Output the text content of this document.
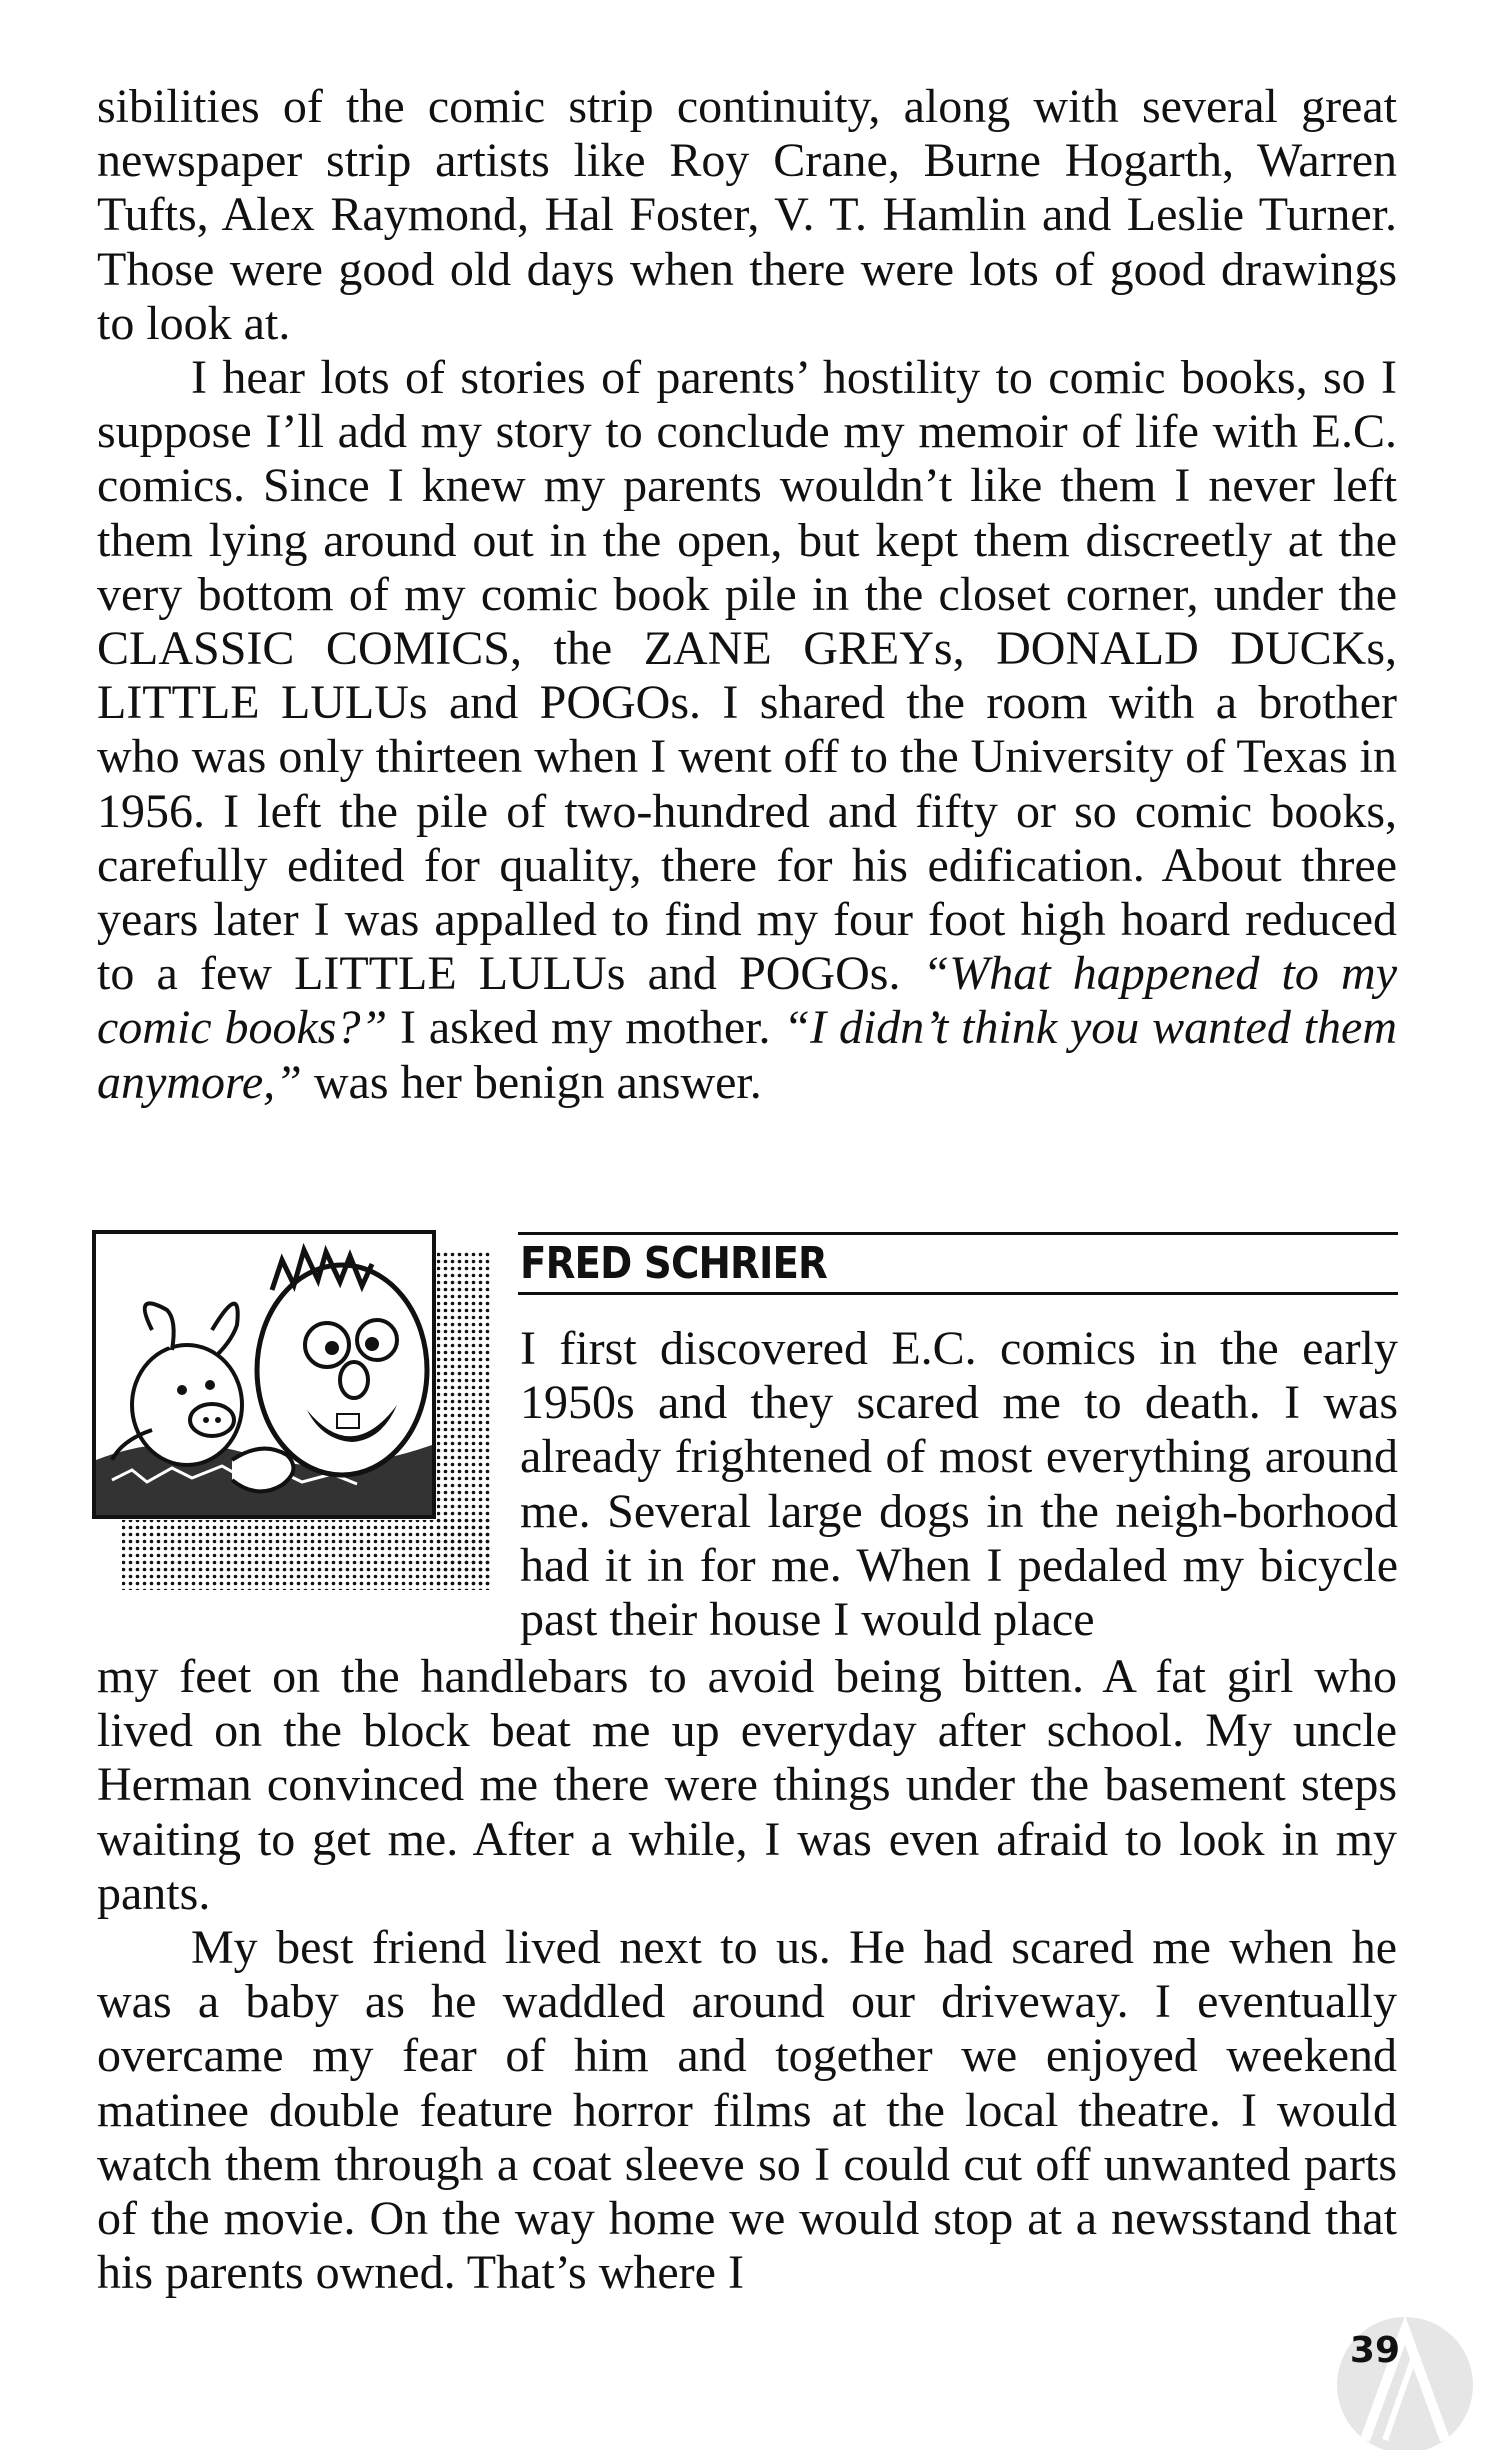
sibilities of the comic strip continuity, along with several great newspaper strip artists like Roy Crane, Burne Hogarth, Warren Tufts, Alex Raymond, Hal Foster, V. T. Hamlin and Leslie Turner. Those were good old days when there were lots of good drawings to look at.

I hear lots of stories of parents’ hostility to comic books, so I suppose I’ll add my story to conclude my memoir of life with E.C. comics. Since I knew my parents wouldn’t like them I never left them lying around out in the open, but kept them discreetly at the very bottom of my comic book pile in the closet corner, under the CLASSIC COMICS, the ZANE GREYs, DONALD DUCKs, LITTLE LULUs and POGOs. I shared the room with a brother who was only thirteen when I went off to the University of Texas in 1956. I left the pile of two-hundred and fifty or so comic books, carefully edited for quality, there for his edification. About three years later I was appalled to find my four foot high hoard reduced to a few LITTLE LULUs and POGOs. “What happened to my comic books?” I asked my mother. “I didn’t think you wanted them anymore,” was her benign answer.

FRED SCHRIER

I first discovered E.C. comics in the early 1950s and they scared me to death. I was already frightened of most everything around me. Several large dogs in the neigh-borhood had it in for me. When I pedaled my bicycle past their house I would place

my feet on the handlebars to avoid being bitten. A fat girl who lived on the block beat me up everyday after school. My uncle Herman convinced me there were things under the basement steps waiting to get me. After a while, I was even afraid to look in my pants.

My best friend lived next to us. He had scared me when he was a baby as he waddled around our driveway. I eventually overcame my fear of him and together we enjoyed weekend matinee double feature horror films at the local theatre. I would watch them through a coat sleeve so I could cut off unwanted parts of the movie. On the way home we would stop at a newsstand that his parents owned. That’s where I

39
